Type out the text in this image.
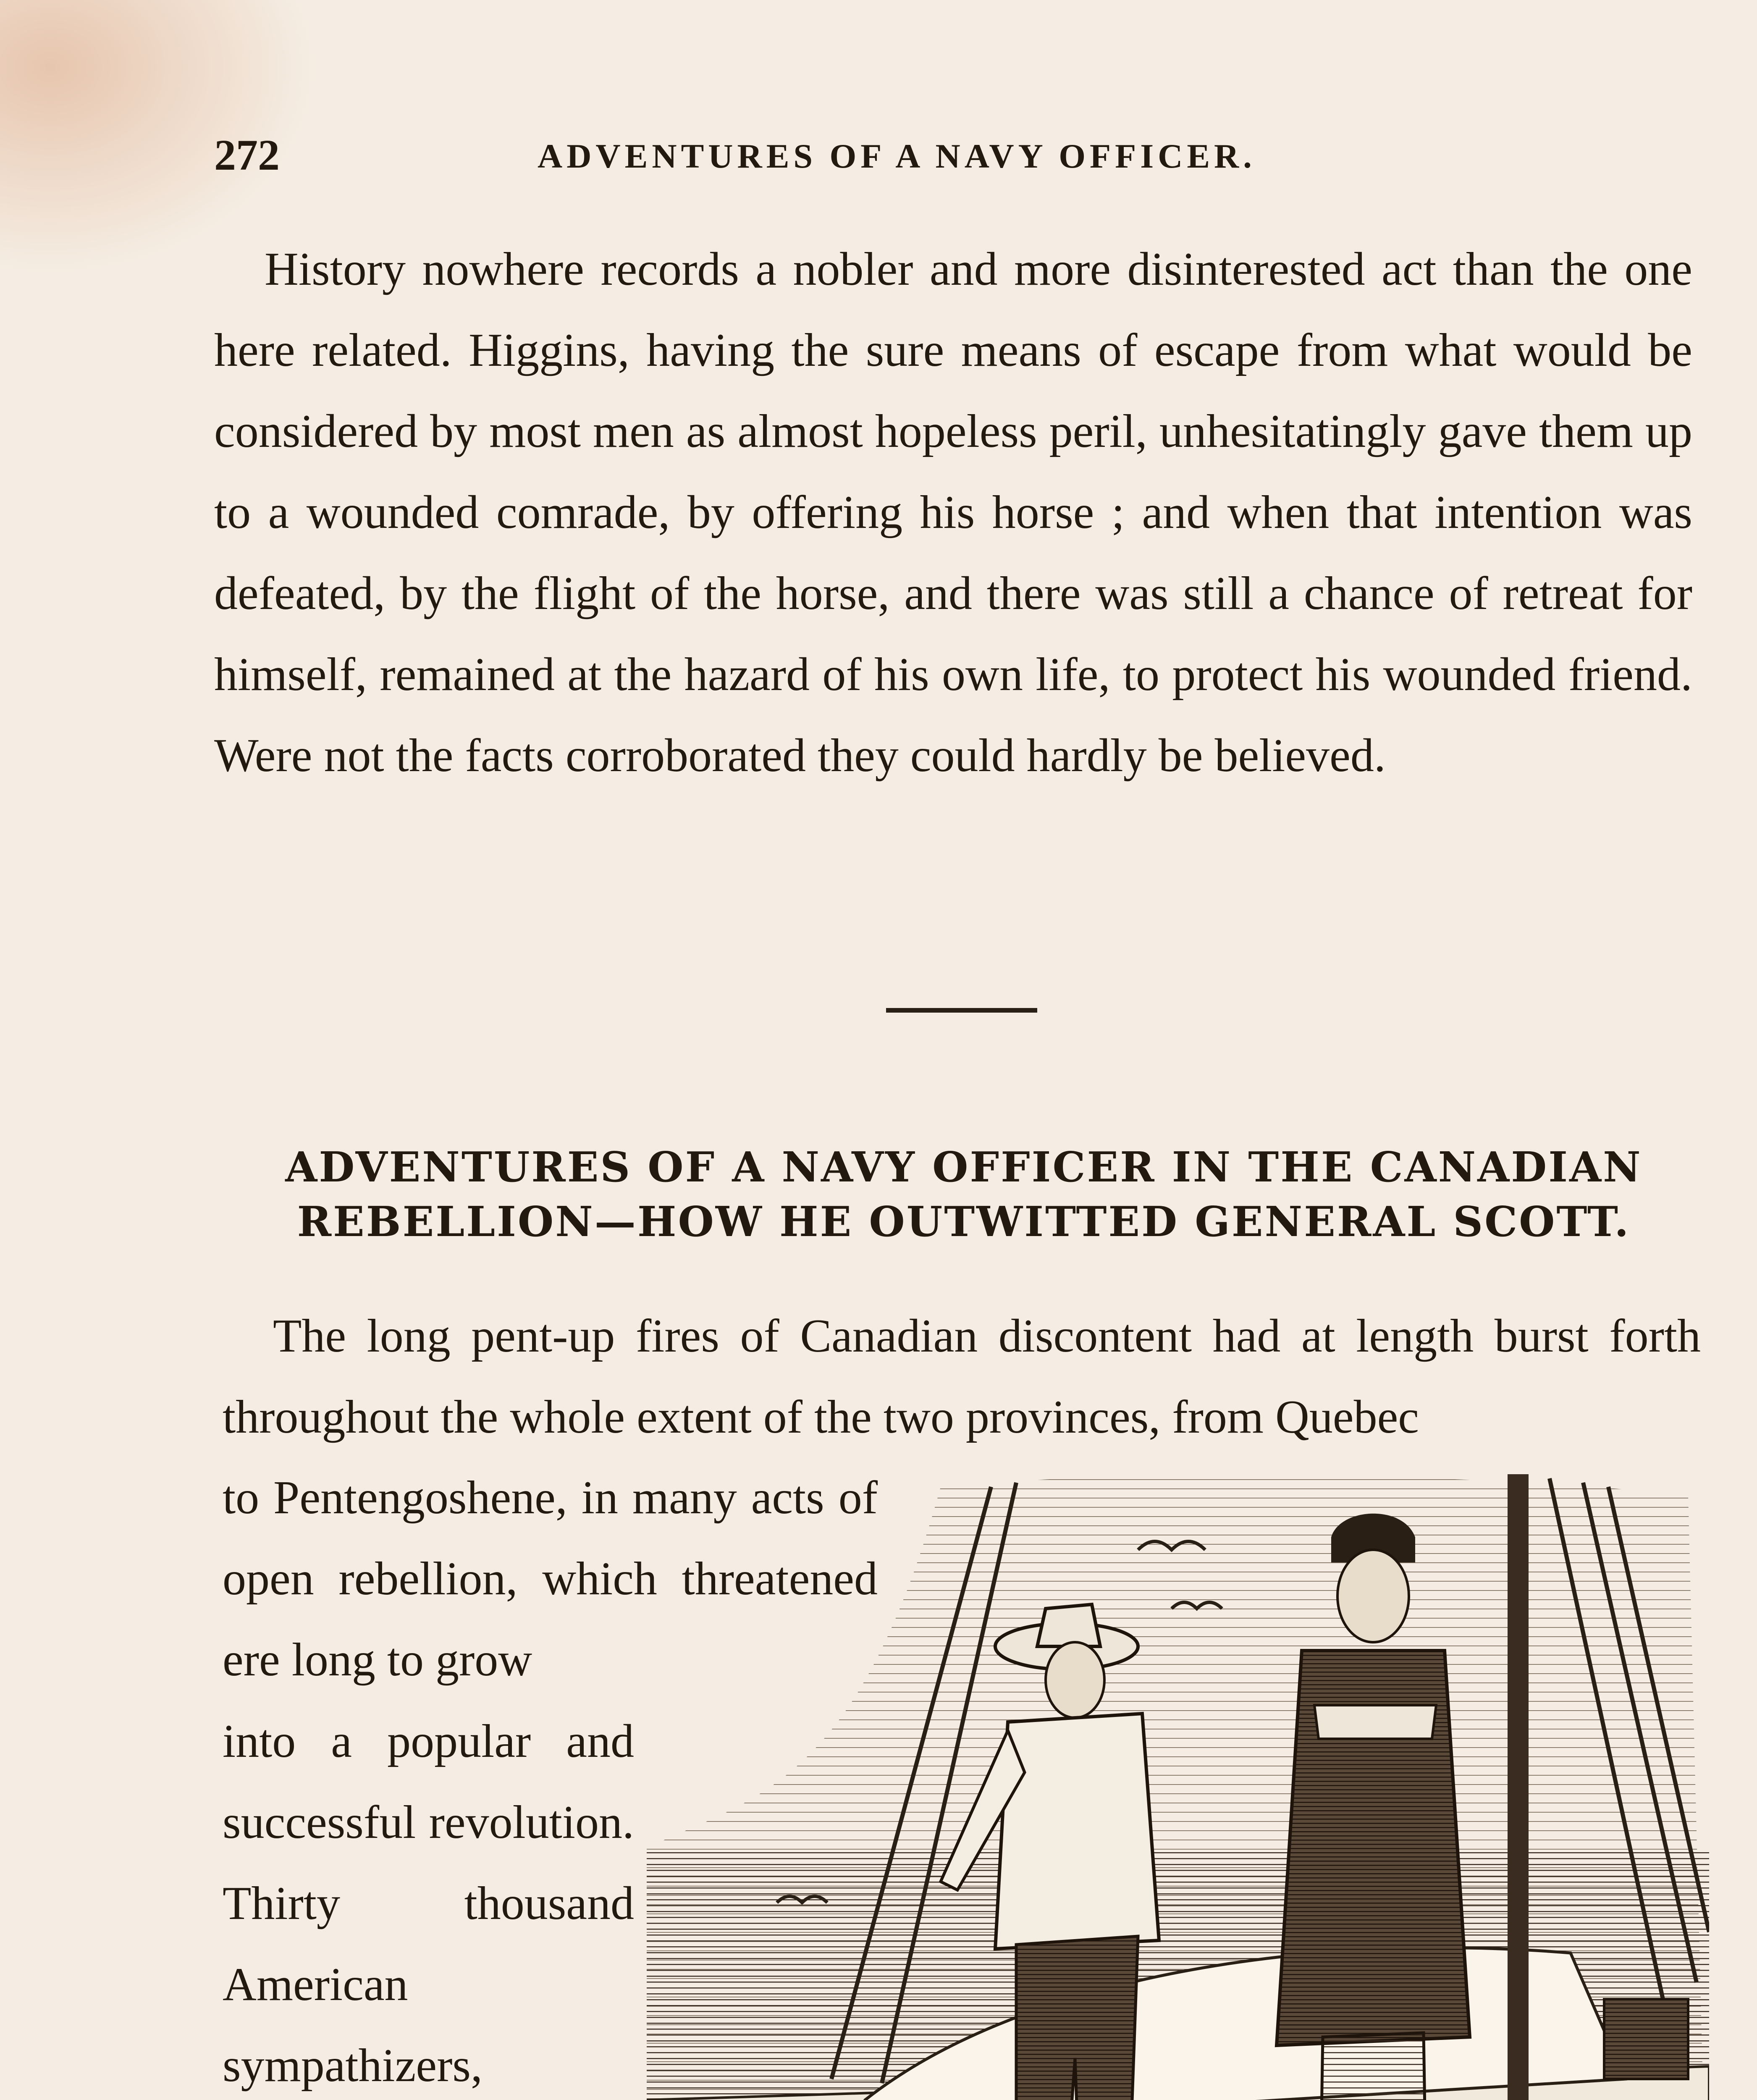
272	ADVENTURES OF A NAVY OFFICER.
History nowhere records a nobler and more disinterested act than the one here related. Higgins, having the sure means of escape from what would be considered by most men as almost hopeless peril, unhesitatingly gave them up to a wounded comrade, by offering his horse ; and when that intention was defeated, by the flight of the horse, and there was still a chance of retreat for himself, remained at the hazard of his own life, to protect his wounded friend. Were not the facts corroborated they could hardly be believed.
ADVENTURES OF A NAVY OFFICER IN THE CANADIAN
REBELLION—HOW HE OUTWITTED GENERAL SCOTT.
The long pent-up fires of Canadian discontent had at length burst forth throughout the whole extent of the two provinces, from Quebec
to Pentengoshene, in many acts of open rebellion, which threatened ere long to grow
into a popular and successful revolution. Thirty thousand American sympathizers,
